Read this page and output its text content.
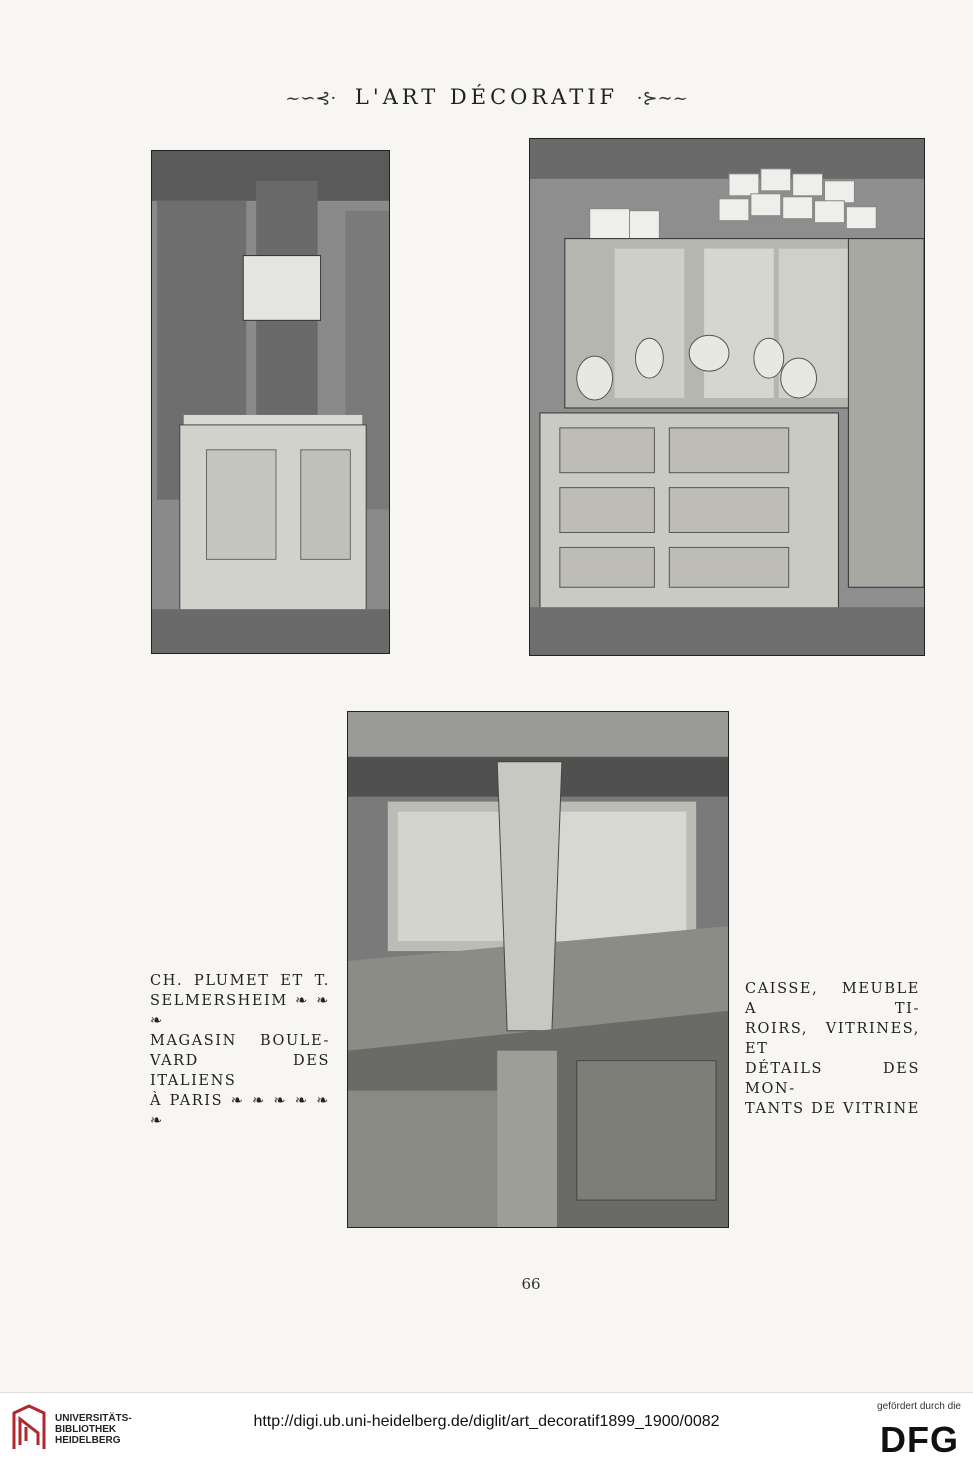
~∽⊰· L'ART DÉCORATIF ·⊱∼~
CH. PLUMET ET T.
SELMERSHEIM ❧ ❧ ❧
MAGASIN BOULE-
VARD DES ITALIENS
À PARIS ❧ ❧ ❧ ❧ ❧ ❧
CAISSE, MEUBLE A TI-
ROIRS, VITRINES, ET
DÉTAILS DES MON-
TANTS DE VITRINE
66
UNIVERSITÄTS-
BIBLIOTHEK
HEIDELBERG
http://digi.ub.uni-heidelberg.de/diglit/art_decoratif1899_1900/0082
gefördert durch die
DFG
